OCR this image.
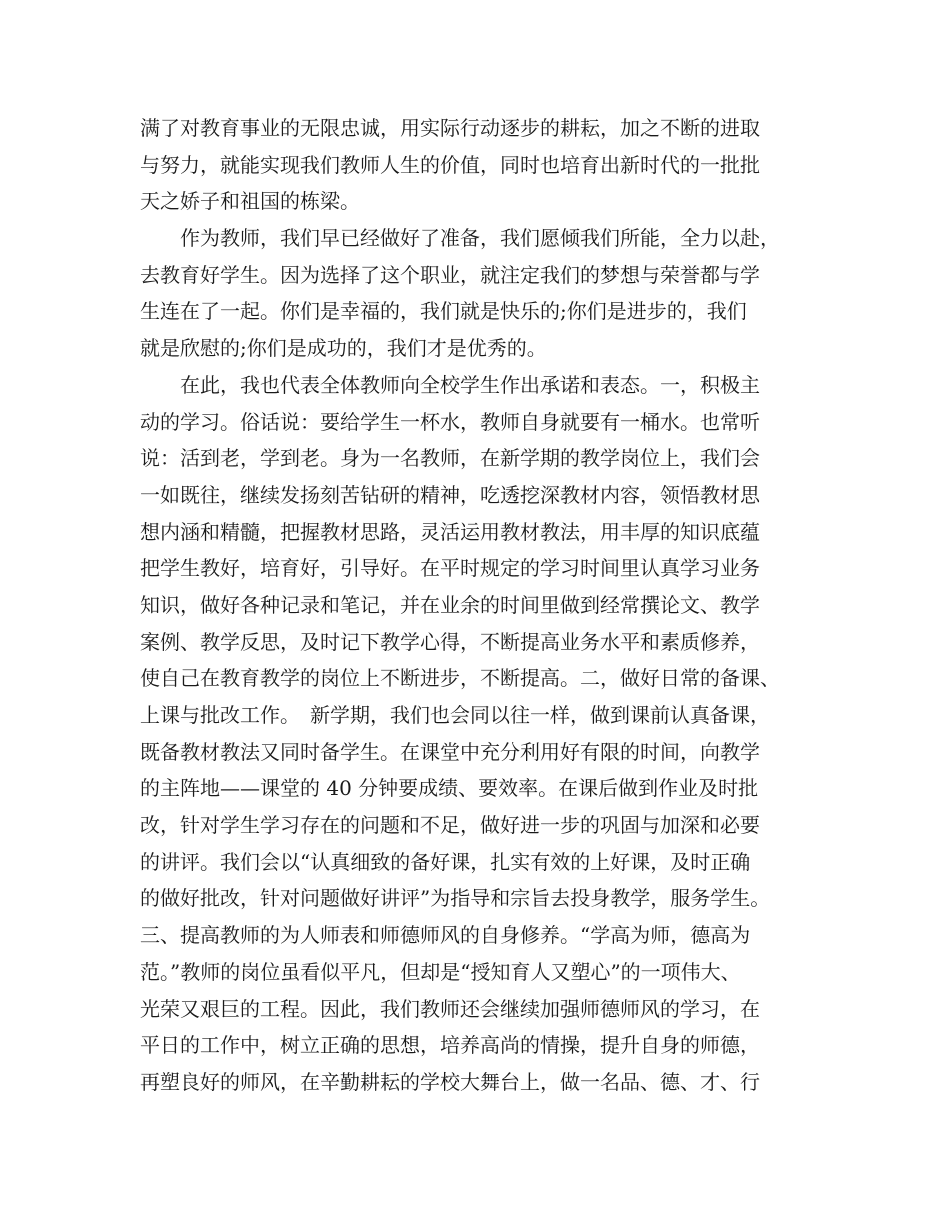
满了对教育事业的无限忠诚，用实际行动逐步的耕耘，加之不断的进取
与努力，就能实现我们教师人生的价值，同时也培育出新时代的一批批
天之娇子和祖国的栋梁。
　　作为教师，我们早已经做好了准备，我们愿倾我们所能，全力以赴，
去教育好学生。因为选择了这个职业，就注定我们的梦想与荣誉都与学
生连在了一起。你们是幸福的，我们就是快乐的;你们是进步的，我们
就是欣慰的;你们是成功的，我们才是优秀的。
　　在此，我也代表全体教师向全校学生作出承诺和表态。一，积极主
动的学习。俗话说：要给学生一杯水，教师自身就要有一桶水。也常听
说：活到老，学到老。身为一名教师，在新学期的教学岗位上，我们会
一如既往，继续发扬刻苦钻研的精神，吃透挖深教材内容，领悟教材思
想内涵和精髓，把握教材思路，灵活运用教材教法，用丰厚的知识底蕴
把学生教好，培育好，引导好。在平时规定的学习时间里认真学习业务
知识，做好各种记录和笔记，并在业余的时间里做到经常撰论文、教学
案例、教学反思，及时记下教学心得，不断提高业务水平和素质修养，
使自己在教育教学的岗位上不断进步，不断提高。二，做好日常的备课、
上课与批改工作。　新学期，我们也会同以往一样，做到课前认真备课，
既备教材教法又同时备学生。在课堂中充分利用好有限的时间，向教学
的主阵地——课堂的 40 分钟要成绩、要效率。在课后做到作业及时批
改，针对学生学习存在的问题和不足，做好进一步的巩固与加深和必要
的讲评。我们会以“认真细致的备好课，扎实有效的上好课，及时正确
的做好批改，针对问题做好讲评”为指导和宗旨去投身教学，服务学生。
三、提高教师的为人师表和师德师风的自身修养。“学高为师，德高为
范。”教师的岗位虽看似平凡，但却是“授知育人又塑心”的一项伟大、
光荣又艰巨的工程。因此，我们教师还会继续加强师德师风的学习，在
平日的工作中，树立正确的思想，培养高尚的情操，提升自身的师德，
再塑良好的师风，在辛勤耕耘的学校大舞台上，做一名品、德、才、行
